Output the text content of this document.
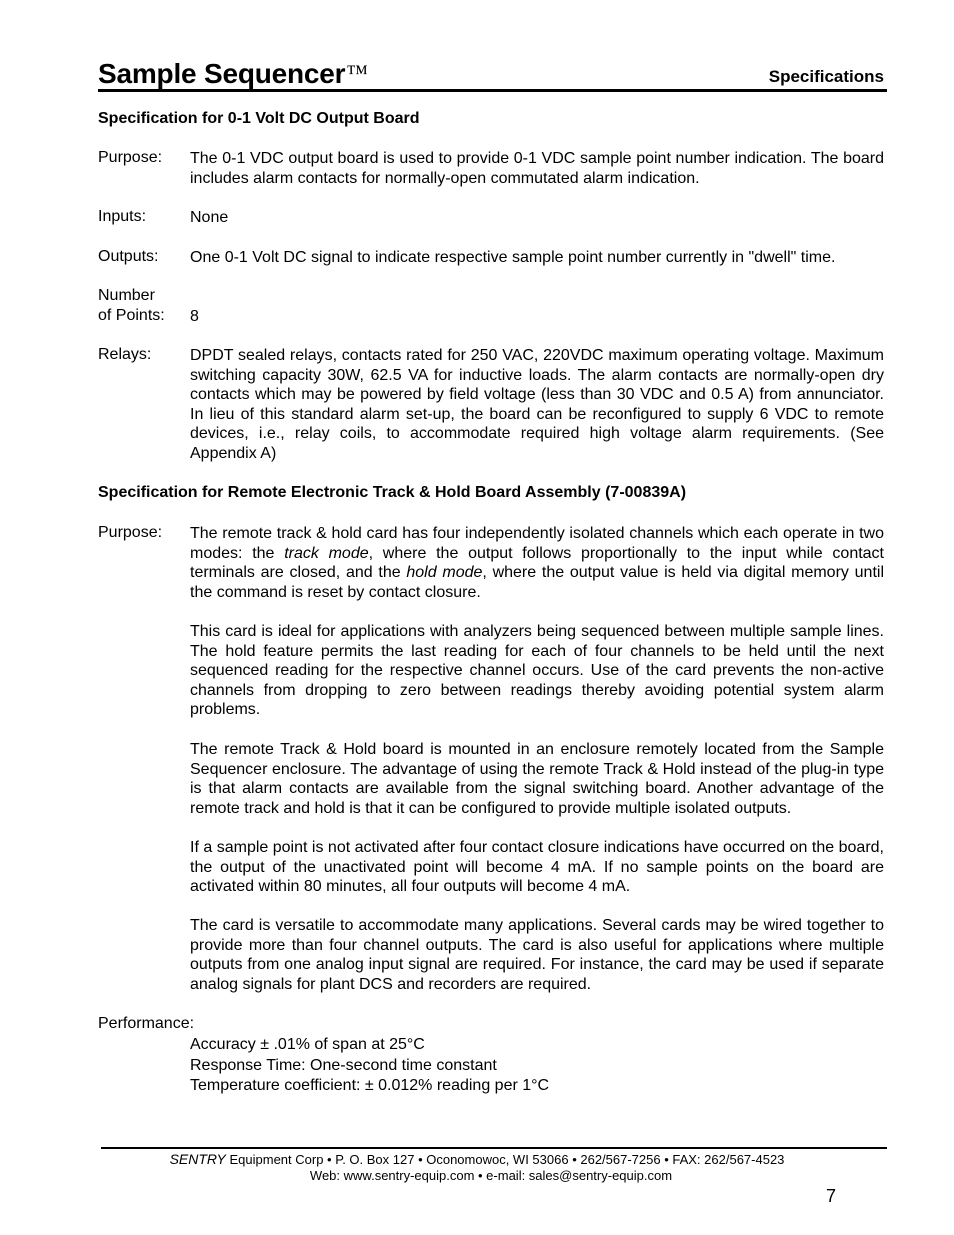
Sample Sequencer™	Specifications
Specification for 0-1 Volt DC Output Board
Purpose: The 0-1 VDC output board is used to provide 0-1 VDC sample point number indication. The board includes alarm contacts for normally-open commutated alarm indication.

Inputs:	None

Outputs: One 0-1 Volt DC signal to indicate respective sample point number currently in "dwell" time.

Number
of Points: 8

Relays: DPDT sealed relays, contacts rated for 250 VAC, 220VDC maximum operating voltage. Maximum switching capacity 30W, 62.5 VA for inductive loads. The alarm contacts are normally-open dry contacts which may be powered by field voltage (less than 30 VDC and 0.5 A) from annunciator. In lieu of this standard alarm set-up, the board can be reconfigured to supply 6 VDC to remote devices, i.e., relay coils, to accommodate required high voltage alarm requirements. (See Appendix A)

Specification for Remote Electronic Track & Hold Board Assembly (7-00839A)
Purpose: The remote track & hold card has four independently isolated channels which each operate in two modes: the track mode, where the output follows proportionally to the input while contact terminals are closed, and the hold mode, where the output value is held via digital memory until the command is reset by contact closure.

This card is ideal for applications with analyzers being sequenced between multiple sample lines. The hold feature permits the last reading for each of four channels to be held until the next sequenced reading for the respective channel occurs. Use of the card prevents the non-active channels from dropping to zero between readings thereby avoiding potential system alarm problems.

The remote Track & Hold board is mounted in an enclosure remotely located from the Sample Sequencer enclosure. The advantage of using the remote Track & Hold instead of the plug-in type is that alarm contacts are available from the signal switching board. Another advantage of the remote track and hold is that it can be configured to provide multiple isolated outputs.

If a sample point is not activated after four contact closure indications have occurred on the board, the output of the unactivated point will become 4 mA. If no sample points on the board are activated within 80 minutes, all four outputs will become 4 mA.

The card is versatile to accommodate many applications. Several cards may be wired together to provide more than four channel outputs. The card is also useful for applications where multiple outputs from one analog input signal are required. For instance, the card may be used if separate analog signals for plant DCS and recorders are required.

Performance:
Accuracy ± .01% of span at 25°C
Response Time: One-second time constant
Temperature coefficient: ± 0.012% reading per 1°C
SENTRY Equipment Corp • P. O. Box 127 • Oconomowoc, WI 53066 • 262/567-7256 • FAX: 262/567-4523
Web: www.sentry-equip.com • e-mail: sales@sentry-equip.com
7
